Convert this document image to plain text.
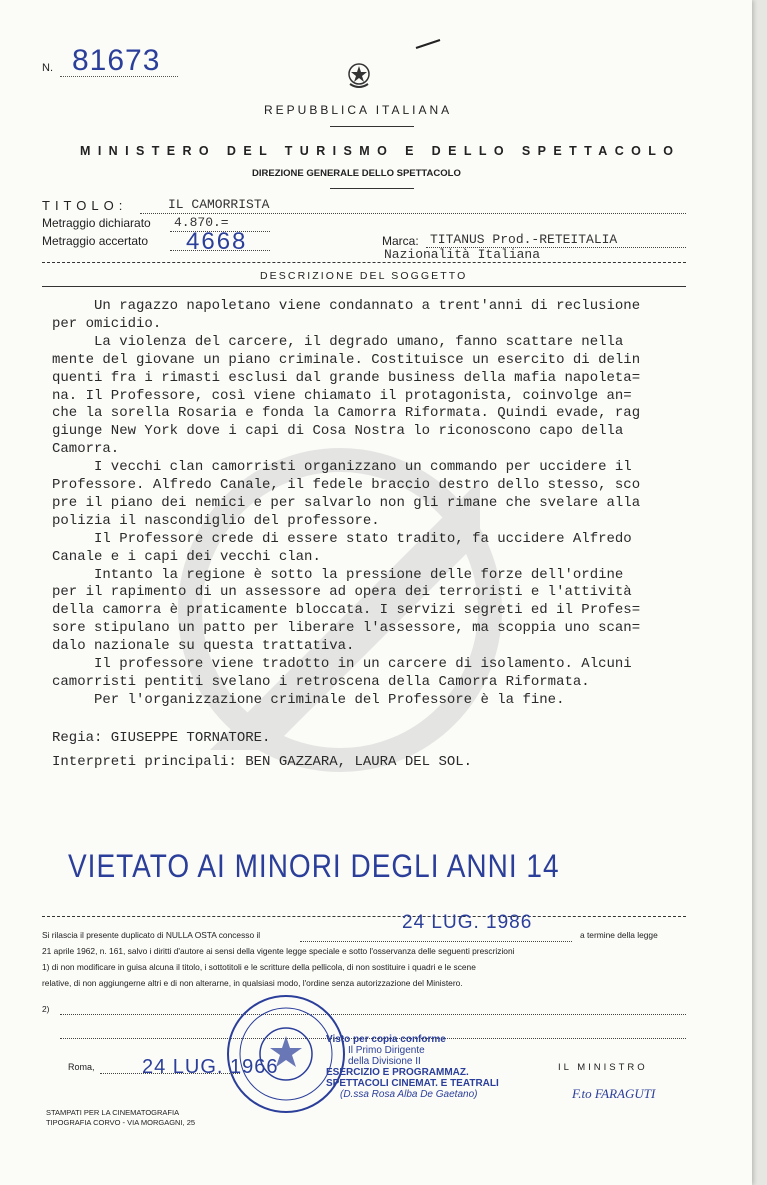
N. 81673
REPUBBLICA ITALIANA
MINISTERO DEL TURISMO E DELLO SPETTACOLO
DIREZIONE GENERALE DELLO SPETTACOLO
TITOLO:	IL CAMORRISTA
Metraggio dichiarato 4.870.=
Metraggio accertato 4668	Marca: TITANUS Prod.-RETEITALIA
Nazionalità Italiana
DESCRIZIONE DEL SOGGETTO
Un ragazzo napoletano viene condannato a trent'anni di reclusione
per omicidio.
La violenza del carcere, il degrado umano, fanno scattare nella
mente del giovane un piano criminale. Costituisce un esercito di delin
quenti fra i rimasti esclusi dal grande business della mafia napoleta=
na. Il Professore, così viene chiamato il protagonista, coinvolge an=
che la sorella Rosaria e fonda la Camorra Riformata. Quindi evade, rag
giunge New York dove i capi di Cosa Nostra lo riconoscono capo della
Camorra.
I vecchi clan camorristi organizzano un commando per uccidere il
Professore. Alfredo Canale, il fedele braccio destro dello stesso, sco
pre il piano dei nemici e per salvarlo non gli rimane che svelare alla
polizia il nascondiglio del professore.
Il Professore crede di essere stato tradito, fa uccidere Alfredo
Canale e i capi dei vecchi clan.
Intanto la regione è sotto la pressione delle forze dell'ordine
per il rapimento di un assessore ad opera dei terroristi e l'attività
della camorra è praticamente bloccata. I servizi segreti ed il Profes=
sore stipulano un patto per liberare l'assessore, ma scoppia uno scan=
dalo nazionale su questa trattativa.
Il professore viene tradotto in un carcere di isolamento. Alcuni
camorristi pentiti svelano i retroscena della Camorra Riformata.
Per l'organizzazione criminale del Professore è la fine.
Regia: GIUSEPPE TORNATORE.
Interpreti principali: BEN GAZZARA, LAURA DEL SOL.
VIETATO AI MINORI DEGLI ANNI 14
Si rilascia il presente duplicato di NULLA OSTA concesso il
24 LUG. 1986
a termine della legge
21 aprile 1962, n. 161, salvo i diritti d'autore ai sensi della vigente legge speciale e sotto l'osservanza delle seguenti prescrizioni
1) di non modificare in guisa alcuna il titolo, i sottotitoli e le scritture della pellicola, di non sostituire i quadri e le scene
relative, di non aggiungerne altri e di non alterarne, in qualsiasi modo, l'ordine senza autorizzazione del Ministero.
2)
Roma, 24 LUG. 1966
Visto per copia conforme
Il Primo Dirigente
della Divisione II
ESERCIZIO E PROGRAMMAZ.
SPETTACOLI CINEMAT. E TEATRALI
(D.ssa Rosa Alba De Gaetano)
IL MINISTRO
F.to FARAGUTI
STAMPATI PER LA CINEMATOGRAFIA
TIPOGRAFIA CORVO - VIA MORGAGNI, 25
